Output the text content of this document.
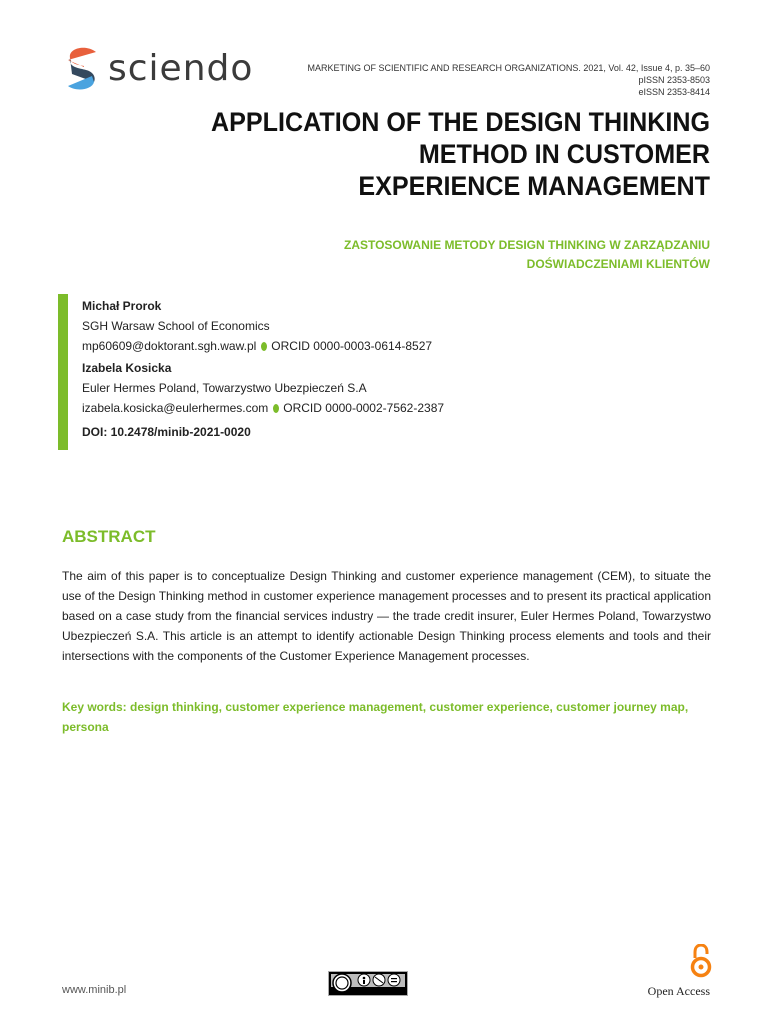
sciendo	MARKETING OF SCIENTIFIC AND RESEARCH ORGANIZATIONS. 2021, Vol. 42, Issue 4, p. 35–60
pISSN 2353-8503
eISSN 2353-8414
APPLICATION OF THE DESIGN THINKING
METHOD IN CUSTOMER
EXPERIENCE MANAGEMENT
ZASTOSOWANIE METODY DESIGN THINKING W ZARZĄDZANIU
DOŚWIADCZENIAMI KLIENTÓW
Michał Prorok
SGH Warsaw School of Economics
mp60609@doktorant.sgh.waw.pl ORCID 0000-0003-0614-8527
Izabela Kosicka
Euler Hermes Poland, Towarzystwo Ubezpieczeń S.A
izabela.kosicka@eulerhermes.com ORCID 0000-0002-7562-2387
DOI: 10.2478/minib-2021-0020
ABSTRACT
The aim of this paper is to conceptualize Design Thinking and customer experience management (CEM), to situate the use of the Design Thinking method in customer experience management processes and to present its practical application based on a case study from the financial services industry — the trade credit insurer, Euler Hermes Poland, Towarzystwo Ubezpieczeń S.A. This article is an attempt to identify actionable Design Thinking process elements and tools and their intersections with the components of the Customer Experience Management processes.
Key words: design thinking, customer experience management, customer experience, customer journey map, persona
www.minib.pl	Open Access
